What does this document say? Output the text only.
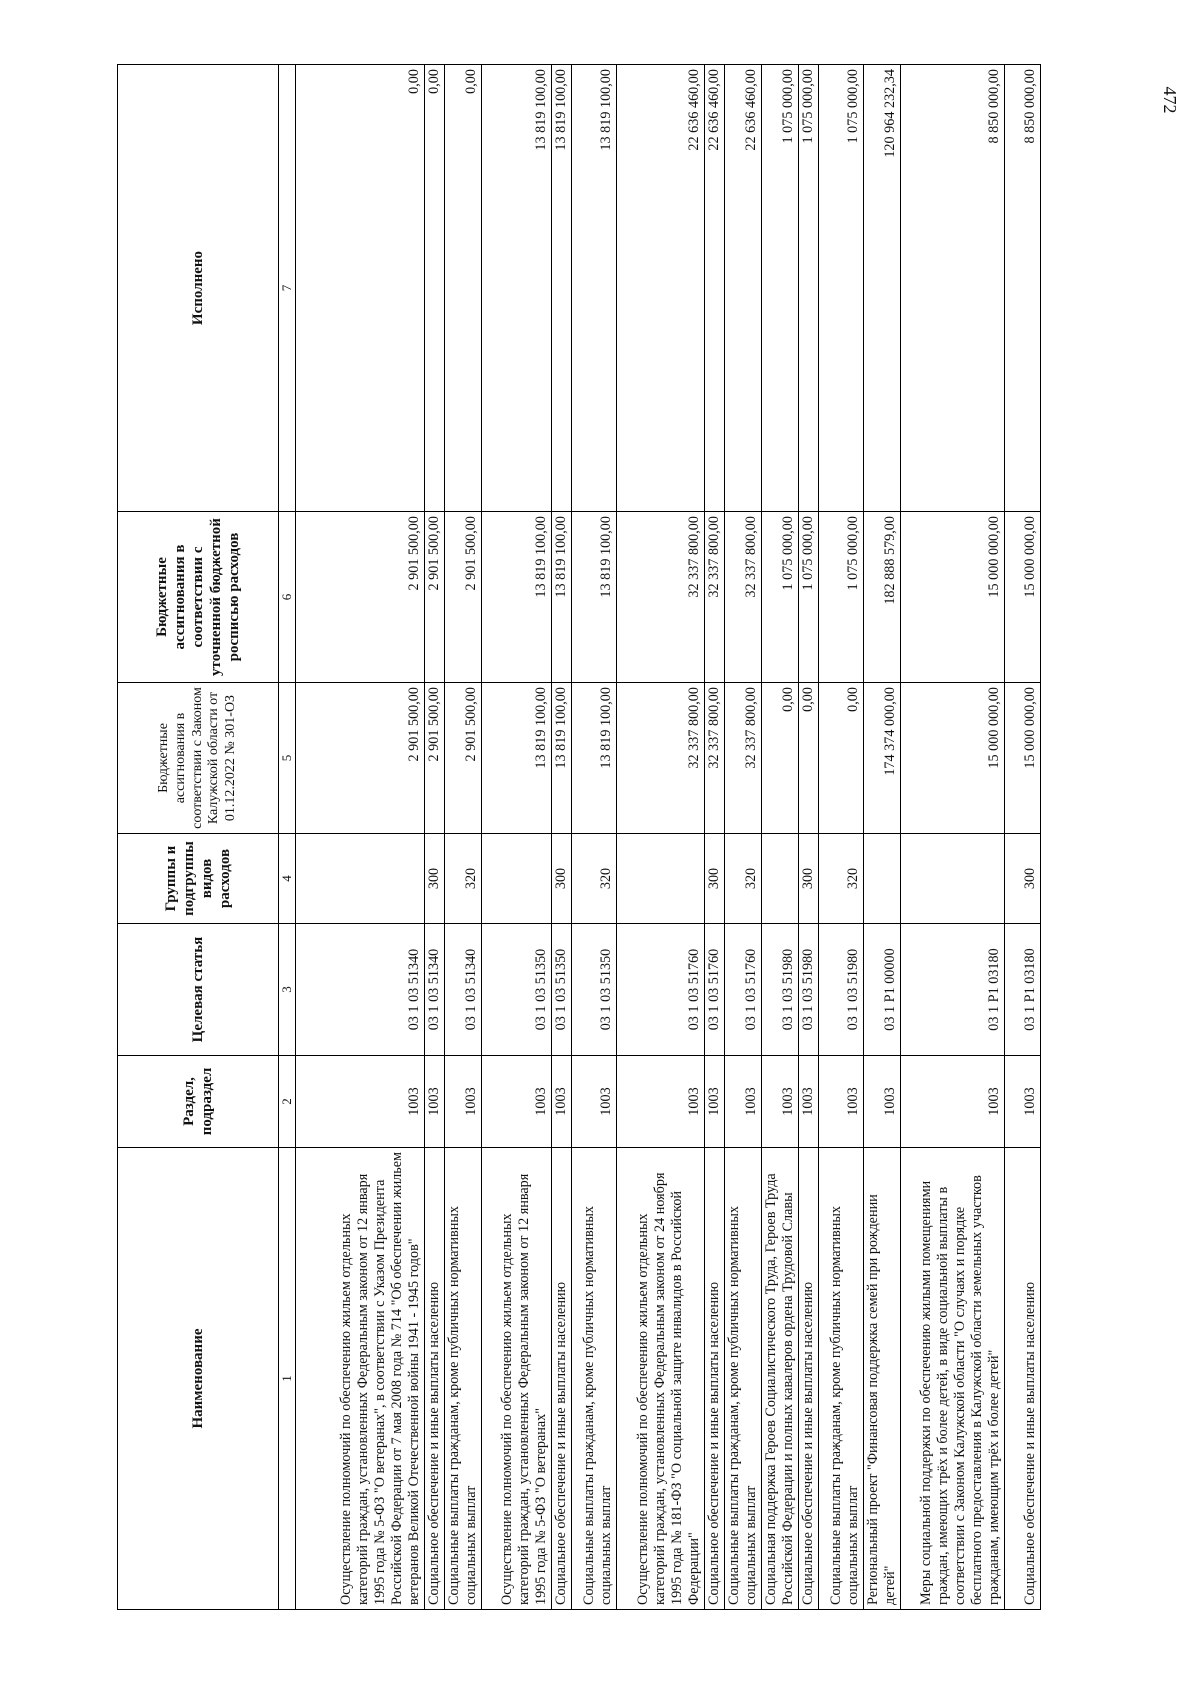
472
Наименование	Раздел, подраздел	Целевая статья	Группы и подгруппы видов расходов	Бюджетные ассигнования в соответствии с Законом Калужской области от 01.12.2022 № 301-ОЗ	Бюджетные ассигнования в соответствии с уточненной бюджетной росписью расходов	Исполнено
1	2	3	4	5	6	7
Осуществление полномочий по обеспечению жильем отдельных категорий граждан, установленных Федеральным законом от 12 января 1995 года № 5-ФЗ "О ветеранах", в соответствии с Указом Президента Российской Федерации от 7 мая 2008 года № 714 "Об обеспечении жильем ветеранов Великой Отечественной войны 1941 - 1945 годов"	1003	03 1 03 51340		2 901 500,00	2 901 500,00	0,00
Социальное обеспечение и иные выплаты населению	1003	03 1 03 51340	300	2 901 500,00	2 901 500,00	0,00
Социальные выплаты гражданам, кроме публичных нормативных социальных выплат	1003	03 1 03 51340	320	2 901 500,00	2 901 500,00	0,00
Осуществление полномочий по обеспечению жильем отдельных категорий граждан, установленных Федеральным законом от 12 января 1995 года № 5-ФЗ "О ветеранах"	1003	03 1 03 51350		13 819 100,00	13 819 100,00	13 819 100,00
Социальное обеспечение и иные выплаты населению	1003	03 1 03 51350	300	13 819 100,00	13 819 100,00	13 819 100,00
Социальные выплаты гражданам, кроме публичных нормативных социальных выплат	1003	03 1 03 51350	320	13 819 100,00	13 819 100,00	13 819 100,00
Осуществление полномочий по обеспечению жильем отдельных категорий граждан, установленных Федеральным законом от 24 ноября 1995 года № 181-ФЗ "О социальной защите инвалидов в Российской Федерации"	1003	03 1 03 51760		32 337 800,00	32 337 800,00	22 636 460,00
Социальное обеспечение и иные выплаты населению	1003	03 1 03 51760	300	32 337 800,00	32 337 800,00	22 636 460,00
Социальные выплаты гражданам, кроме публичных нормативных социальных выплат	1003	03 1 03 51760	320	32 337 800,00	32 337 800,00	22 636 460,00
Социальная поддержка Героев Социалистического Труда, Героев Труда Российской Федерации и полных кавалеров ордена Трудовой Славы	1003	03 1 03 51980		0,00	1 075 000,00	1 075 000,00
Социальное обеспечение и иные выплаты населению	1003	03 1 03 51980	300	0,00	1 075 000,00	1 075 000,00
Социальные выплаты гражданам, кроме публичных нормативных социальных выплат	1003	03 1 03 51980	320	0,00	1 075 000,00	1 075 000,00
Региональный проект "Финансовая поддержка семей при рождении детей"	1003	03 1 P1 00000		174 374 000,00	182 888 579,00	120 964 232,34
Меры социальной поддержки по обеспечению жилыми помещениями граждан, имеющих трёх и более детей, в виде социальной выплаты в соответствии с Законом Калужской области "О случаях и порядке бесплатного предоставления в Калужской области земельных участков гражданам, имеющим трёх и более детей"	1003	03 1 P1 03180		15 000 000,00	15 000 000,00	8 850 000,00
Социальное обеспечение и иные выплаты населению	1003	03 1 P1 03180	300	15 000 000,00	15 000 000,00	8 850 000,00
